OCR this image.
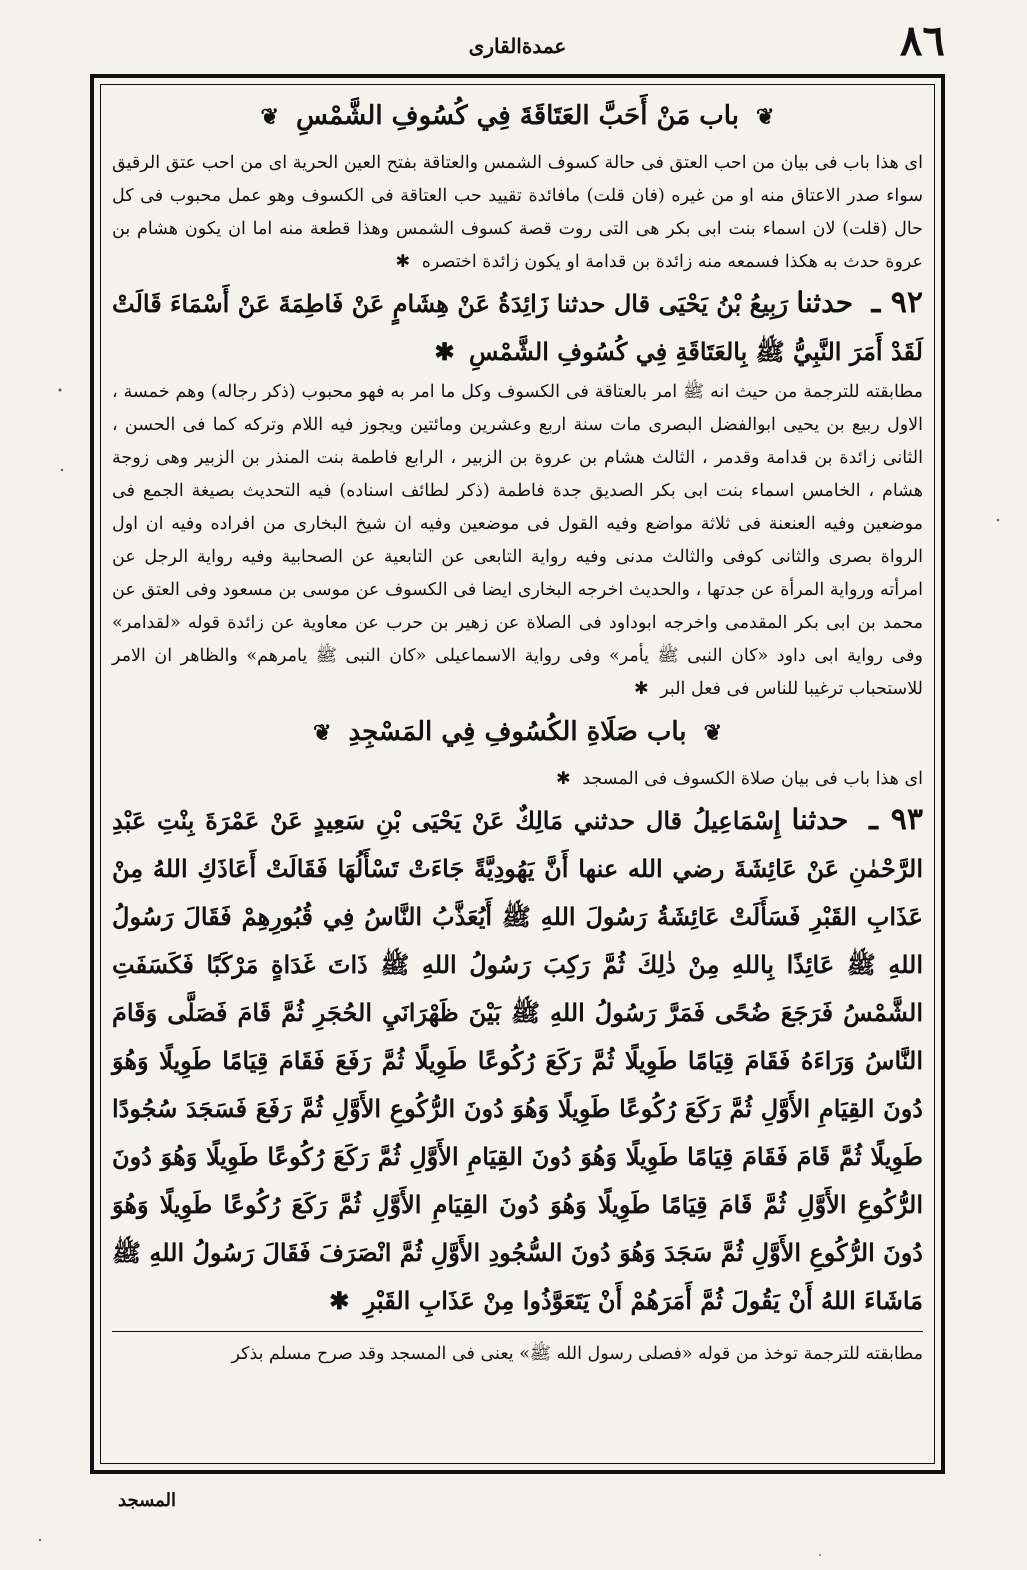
٨٦
عمدةالقاری
❦ باب مَنْ أَحَبَّ العَتَاقَةَ فِي كُسُوفِ الشَّمْسِ ❦

ای هذا باب فی بیان من احب العتق فی حالة کسوف الشمس والعتاقة بفتح العین الحریة ای من احب عتق الرقیق سواء صدر الاعتاق منه او من غیره (فان قلت) مافائدة تقیید حب العتاقة فی الکسوف وهو عمل محبوب فی کل حال (قلت) لان اسماء بنت ابی بکر هی التی روت قصة کسوف الشمس وهذا قطعة منه اما ان یکون هشام بن عروة حدث به هکذا فسمعه منه زائدة بن قدامة او یکون زائدة اختصره ✱

٩٢ ـ حدثنا رَبِيعُ بْنُ يَحْيَى قال حدثنا زَائِدَةُ عَنْ هِشَامٍ عَنْ فَاطِمَةَ عَنْ أَسْمَاءَ قَالَتْ لَقَدْ أَمَرَ النَّبِيُّ ﷺ بِالعَتَاقَةِ فِي كُسُوفِ الشَّمْسِ ✱

مطابقته للترجمة من حیث انه ﷺ امر بالعتاقة فی الکسوف وکل ما امر به فهو محبوب (ذکر رجاله) وهم خمسة ، الاول ربیع بن یحیی ابوالفضل البصری مات سنة اربع وعشرین ومائتین ویجوز فیه اللام وترکه کما فی الحسن ، الثانی زائدة بن قدامة وقدمر ، الثالث هشام بن عروة بن الزبیر ، الرابع فاطمة بنت المنذر بن الزبیر وهی زوجة هشام ، الخامس اسماء بنت ابی بکر الصدیق جدة فاطمة (ذکر لطائف اسناده) فیه التحدیث بصیغة الجمع فی موضعین وفیه العنعنة فی ثلاثة مواضع وفیه القول فی موضعین وفیه ان شیخ البخاری من افراده وفیه ان اول الرواة بصری والثانی کوفی والثالث مدنی وفیه روایة التابعی عن التابعیة عن الصحابیة وفیه روایة الرجل عن امرأته وروایة المرأة عن جدتها ، والحدیث اخرجه البخاری ایضا فی الکسوف عن موسی بن مسعود وفی العتق عن محمد بن ابی بکر المقدمی واخرجه ابوداود فی الصلاة عن زهیر بن حرب عن معاویة عن زائدة قوله «لقدامر» وفی روایة ابی داود «کان النبی ﷺ یأمر» وفی روایة الاسماعیلی «کان النبی ﷺ یامرهم» والظاهر ان الامر للاستحباب ترغیبا للناس فی فعل البر ✱

❦ باب صَلَاةِ الكُسُوفِ فِي المَسْجِدِ ❦

ای هذا باب فی بیان صلاة الکسوف فی المسجد ✱

٩٣ ـ حدثنا إِسْمَاعِيلُ قال حدثني مَالِكٌ عَنْ يَحْيَى بْنِ سَعِيدٍ عَنْ عَمْرَةَ بِنْتِ عَبْدِ الرَّحْمٰنِ عَنْ عَائِشَةَ رضي الله عنها أَنَّ يَهُودِيَّةً جَاءَتْ تَسْأَلُهَا فَقَالَتْ أَعَاذَكِ اللهُ مِنْ عَذَابِ القَبْرِ فَسَأَلَتْ عَائِشَةُ رَسُولَ اللهِ ﷺ أَيُعَذَّبُ النَّاسُ فِي قُبُورِهِمْ فَقَالَ رَسُولُ اللهِ ﷺ عَائِذًا بِاللهِ مِنْ ذٰلِكَ ثُمَّ رَكِبَ رَسُولُ اللهِ ﷺ ذَاتَ غَدَاةٍ مَرْكَبًا فَكَسَفَتِ الشَّمْسُ فَرَجَعَ ضُحًى فَمَرَّ رَسُولُ اللهِ ﷺ بَيْنَ ظَهْرَانَيِ الحُجَرِ ثُمَّ قَامَ فَصَلَّى وَقَامَ النَّاسُ وَرَاءَهُ فَقَامَ قِيَامًا طَوِيلًا ثُمَّ رَكَعَ رُكُوعًا طَوِيلًا ثُمَّ رَفَعَ فَقَامَ قِيَامًا طَوِيلًا وَهُوَ دُونَ القِيَامِ الأَوَّلِ ثُمَّ رَكَعَ رُكُوعًا طَوِيلًا وَهُوَ دُونَ الرُّكُوعِ الأَوَّلِ ثُمَّ رَفَعَ فَسَجَدَ سُجُودًا طَوِيلًا ثُمَّ قَامَ فَقَامَ قِيَامًا طَوِيلًا وَهُوَ دُونَ القِيَامِ الأَوَّلِ ثُمَّ رَكَعَ رُكُوعًا طَوِيلًا وَهُوَ دُونَ الرُّكُوعِ الأَوَّلِ ثُمَّ قَامَ قِيَامًا طَوِيلًا وَهُوَ دُونَ القِيَامِ الأَوَّلِ ثُمَّ رَكَعَ رُكُوعًا طَوِيلًا وَهُوَ دُونَ الرُّكُوعِ الأَوَّلِ ثُمَّ سَجَدَ وَهُوَ دُونَ السُّجُودِ الأَوَّلِ ثُمَّ انْصَرَفَ فَقَالَ رَسُولُ اللهِ ﷺ مَاشَاءَ اللهُ أَنْ يَقُولَ ثُمَّ أَمَرَهُمْ أَنْ يَتَعَوَّذُوا مِنْ عَذَابِ القَبْرِ ✱

مطابقته للترجمة توخذ من قوله «فصلی رسول الله ﷺ» یعنی فی المسجد وقد صرح مسلم بذکر

المسجد
